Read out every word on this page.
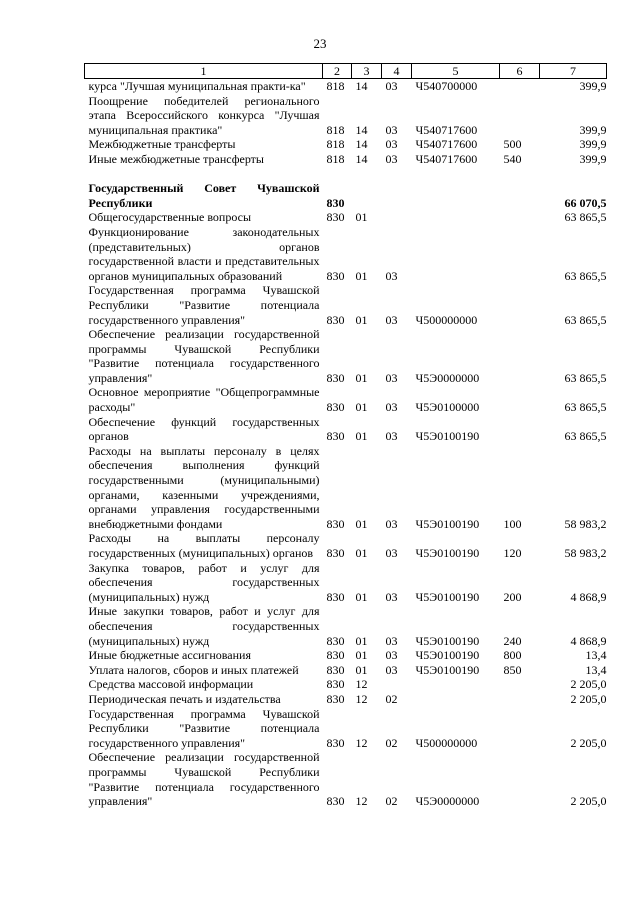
23
1	2	3	4	5	6	7
курса "Лучшая муниципальная практи-ка"	818	14	03	Ч540700000		399,9
Поощрение победителей регионального этапа Всероссийского конкурса "Лучшая муниципальная практика"	818	14	03	Ч540717600		399,9
Межбюджетные трансферты	818	14	03	Ч540717600	500	399,9
Иные межбюджетные трансферты	818	14	03	Ч540717600	540	399,9

Государственный Совет Чувашской Республики	830					66 070,5
Общегосударственные вопросы	830	01				63 865,5
Функционирование законодательных (представительных) органов государственной власти и представительных органов муниципальных образований	830	01	03			63 865,5
Государственная программа Чувашской Республики "Развитие потенциала государственного управления"	830	01	03	Ч500000000		63 865,5
Обеспечение реализации государственной программы Чувашской Республики "Развитие потенциала государственного управления"	830	01	03	Ч5Э0000000		63 865,5
Основное мероприятие "Общепрограммные расходы"	830	01	03	Ч5Э0100000		63 865,5
Обеспечение функций государственных органов	830	01	03	Ч5Э0100190		63 865,5
Расходы на выплаты персоналу в целях обеспечения выполнения функций государственными (муниципальными) органами, казенными учреждениями, органами управления государственными внебюджетными фондами	830	01	03	Ч5Э0100190	100	58 983,2
Расходы на выплаты персоналу государственных (муниципальных) органов	830	01	03	Ч5Э0100190	120	58 983,2
Закупка товаров, работ и услуг для обеспечения государственных (муниципальных) нужд	830	01	03	Ч5Э0100190	200	4 868,9
Иные закупки товаров, работ и услуг для обеспечения государственных (муниципальных) нужд	830	01	03	Ч5Э0100190	240	4 868,9
Иные бюджетные ассигнования	830	01	03	Ч5Э0100190	800	13,4
Уплата налогов, сборов и иных платежей	830	01	03	Ч5Э0100190	850	13,4
Средства массовой информации	830	12				2 205,0
Периодическая печать и издательства	830	12	02			2 205,0
Государственная программа Чувашской Республики "Развитие потенциала государственного управления"	830	12	02	Ч500000000		2 205,0
Обеспечение реализации государственной программы Чувашской Республики "Развитие потенциала государственного управления"	830	12	02	Ч5Э0000000		2 205,0
